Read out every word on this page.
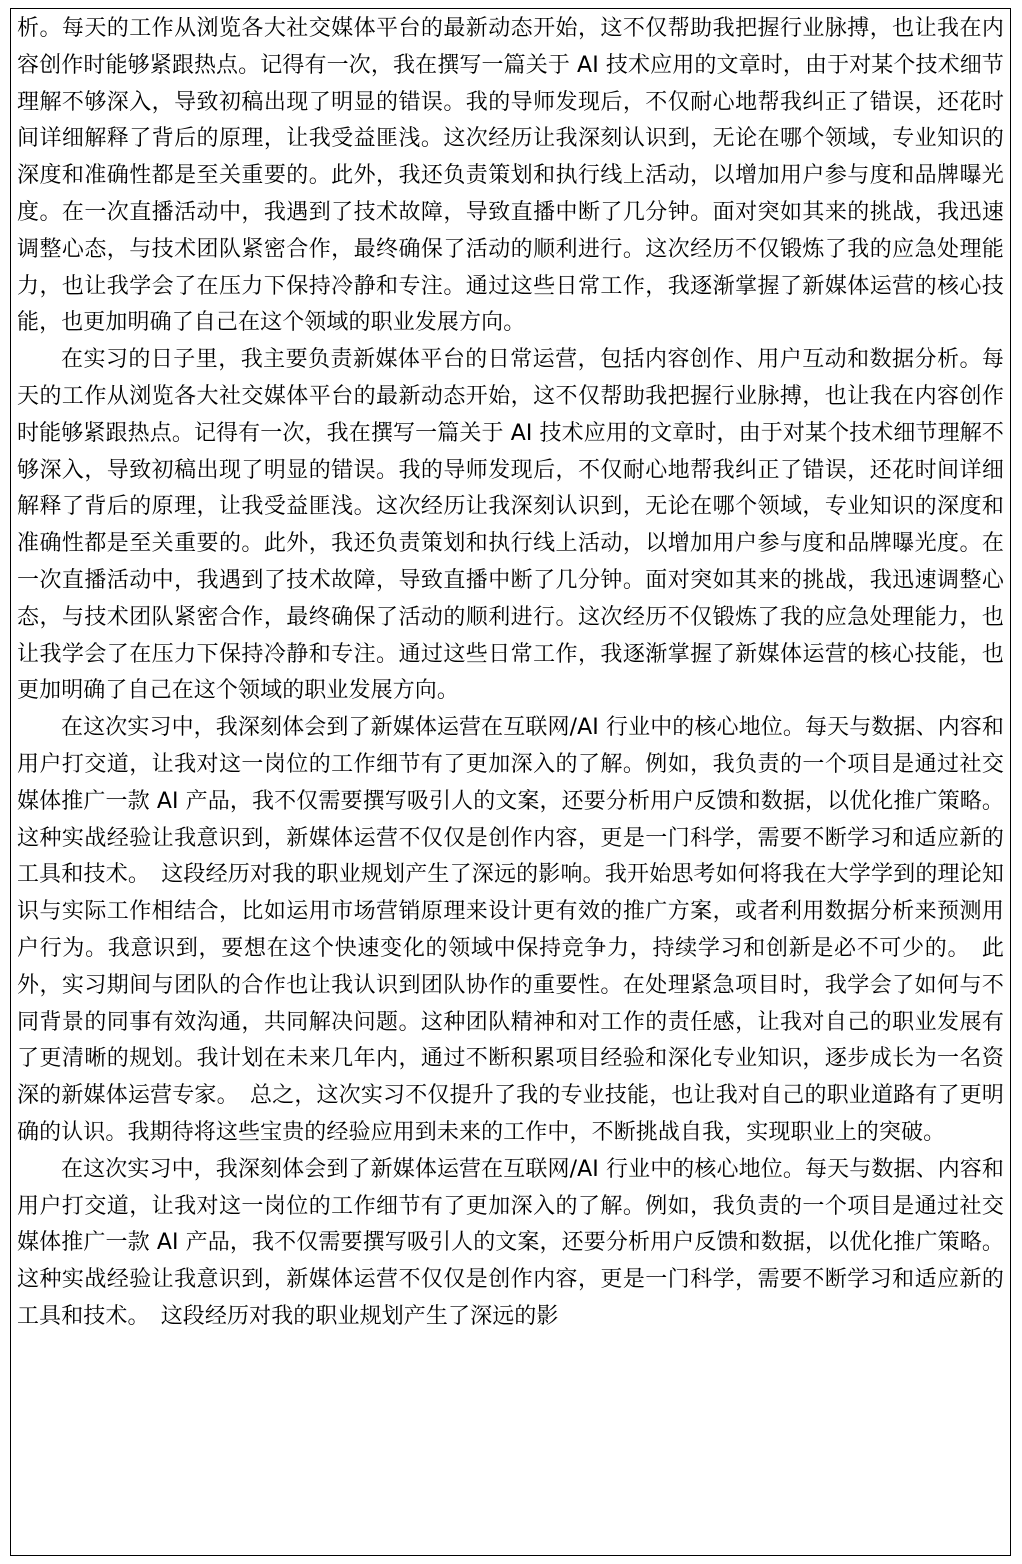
析。每天的工作从浏览各大社交媒体平台的最新动态开始，这不仅帮助我把握行业脉搏，也让我在内容创作时能够紧跟热点。记得有一次，我在撰写一篇关于 AI 技术应用的文章时，由于对某个技术细节理解不够深入，导致初稿出现了明显的错误。我的导师发现后，不仅耐心地帮我纠正了错误，还花时间详细解释了背后的原理，让我受益匪浅。这次经历让我深刻认识到，无论在哪个领域，专业知识的深度和准确性都是至关重要的。此外，我还负责策划和执行线上活动，以增加用户参与度和品牌曝光度。在一次直播活动中，我遇到了技术故障，导致直播中断了几分钟。面对突如其来的挑战，我迅速调整心态，与技术团队紧密合作，最终确保了活动的顺利进行。这次经历不仅锻炼了我的应急处理能力，也让我学会了在压力下保持冷静和专注。通过这些日常工作，我逐渐掌握了新媒体运营的核心技能，也更加明确了自己在这个领域的职业发展方向。

在实习的日子里，我主要负责新媒体平台的日常运营，包括内容创作、用户互动和数据分析。每天的工作从浏览各大社交媒体平台的最新动态开始，这不仅帮助我把握行业脉搏，也让我在内容创作时能够紧跟热点。记得有一次，我在撰写一篇关于 AI 技术应用的文章时，由于对某个技术细节理解不够深入，导致初稿出现了明显的错误。我的导师发现后，不仅耐心地帮我纠正了错误，还花时间详细解释了背后的原理，让我受益匪浅。这次经历让我深刻认识到，无论在哪个领域，专业知识的深度和准确性都是至关重要的。此外，我还负责策划和执行线上活动，以增加用户参与度和品牌曝光度。在一次直播活动中，我遇到了技术故障，导致直播中断了几分钟。面对突如其来的挑战，我迅速调整心态，与技术团队紧密合作，最终确保了活动的顺利进行。这次经历不仅锻炼了我的应急处理能力，也让我学会了在压力下保持冷静和专注。通过这些日常工作，我逐渐掌握了新媒体运营的核心技能，也更加明确了自己在这个领域的职业发展方向。

在这次实习中，我深刻体会到了新媒体运营在互联网/AI 行业中的核心地位。每天与数据、内容和用户打交道，让我对这一岗位的工作细节有了更加深入的了解。例如，我负责的一个项目是通过社交媒体推广一款 AI 产品，我不仅需要撰写吸引人的文案，还要分析用户反馈和数据，以优化推广策略。这种实战经验让我意识到，新媒体运营不仅仅是创作内容，更是一门科学，需要不断学习和适应新的工具和技术。　这段经历对我的职业规划产生了深远的影响。我开始思考如何将我在大学学到的理论知识与实际工作相结合，比如运用市场营销原理来设计更有效的推广方案，或者利用数据分析来预测用户行为。我意识到，要想在这个快速变化的领域中保持竞争力，持续学习和创新是必不可少的。　此外，实习期间与团队的合作也让我认识到团队协作的重要性。在处理紧急项目时，我学会了如何与不同背景的同事有效沟通，共同解决问题。这种团队精神和对工作的责任感，让我对自己的职业发展有了更清晰的规划。我计划在未来几年内，通过不断积累项目经验和深化专业知识，逐步成长为一名资深的新媒体运营专家。　总之，这次实习不仅提升了我的专业技能，也让我对自己的职业道路有了更明确的认识。我期待将这些宝贵的经验应用到未来的工作中，不断挑战自我，实现职业上的突破。

在这次实习中，我深刻体会到了新媒体运营在互联网/AI 行业中的核心地位。每天与数据、内容和用户打交道，让我对这一岗位的工作细节有了更加深入的了解。例如，我负责的一个项目是通过社交媒体推广一款 AI 产品，我不仅需要撰写吸引人的文案，还要分析用户反馈和数据，以优化推广策略。这种实战经验让我意识到，新媒体运营不仅仅是创作内容，更是一门科学，需要不断学习和适应新的工具和技术。　这段经历对我的职业规划产生了深远的影
